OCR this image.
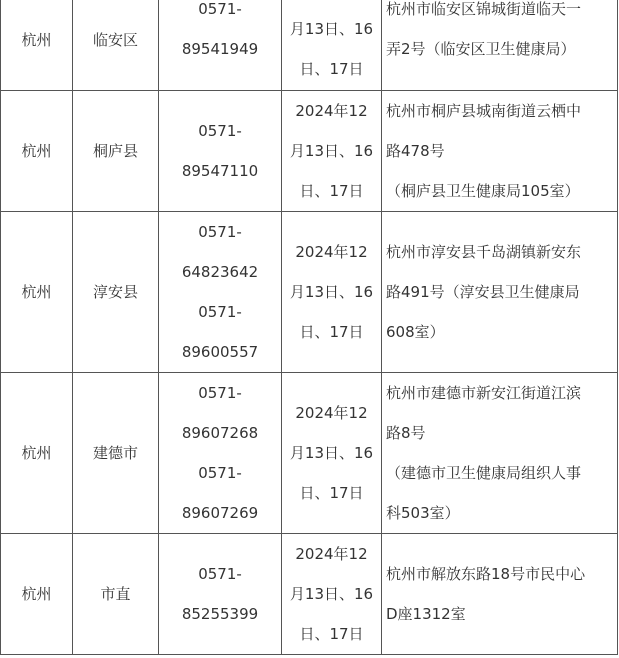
杭州	临安区	0571-
89541949	月13日、16
日、17日	杭州市临安区锦城街道临天一
弄2号（临安区卫生健康局）

杭州	桐庐县	0571-
89547110	2024年12
月13日、16
日、17日	杭州市桐庐县城南街道云栖中
路478号
（桐庐县卫生健康局105室）

杭州	淳安县	0571-
64823642
0571-
89600557	2024年12
月13日、16
日、17日	杭州市淳安县千岛湖镇新安东
路491号（淳安县卫生健康局
608室）

杭州	建德市	0571-
89607268
0571-
89607269	2024年12
月13日、16
日、17日	杭州市建德市新安江街道江滨
路8号
（建德市卫生健康局组织人事
科503室）

杭州	市直	0571-
85255399	2024年12
月13日、16
日、17日	杭州市解放东路18号市民中心
D座1312室
